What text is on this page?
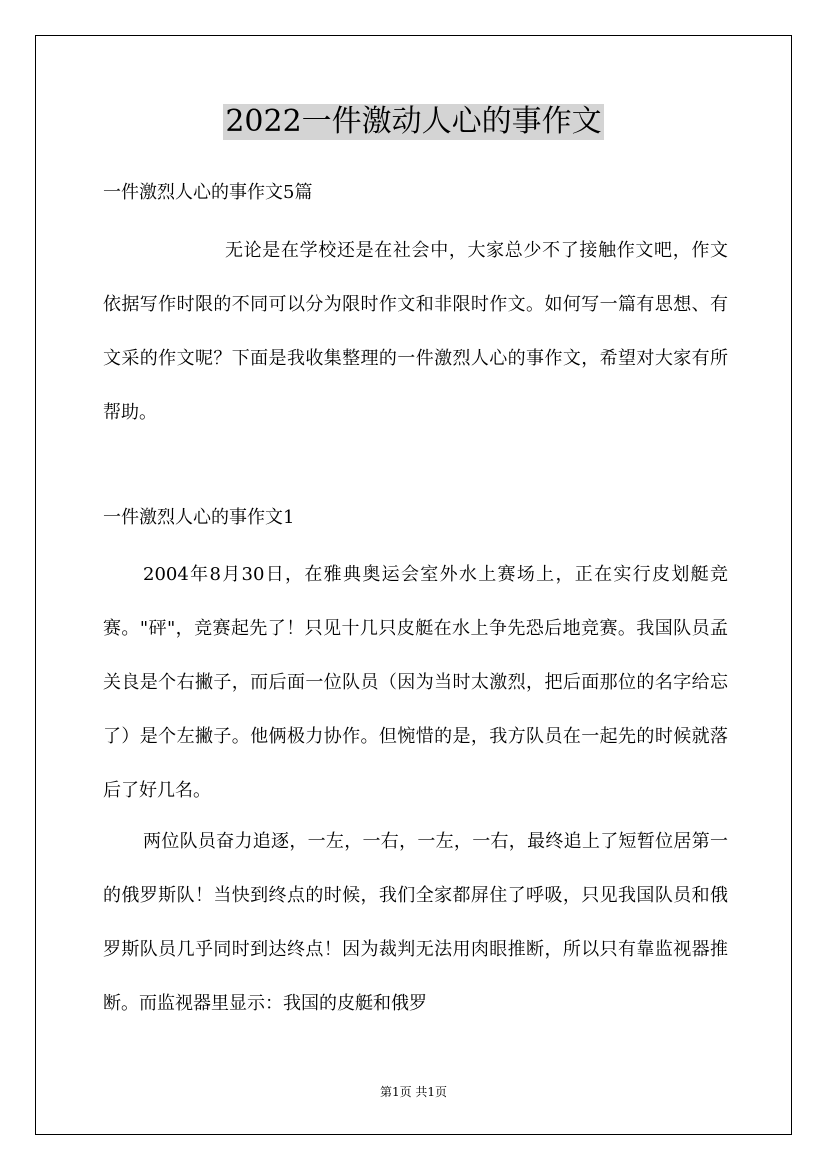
2022一件激动人心的事作文
一件激烈人心的事作文5篇

无论是在学校还是在社会中，大家总少不了接触作文吧，作文依据写作时限的不同可以分为限时作文和非限时作文。如何写一篇有思想、有文采的作文呢？下面是我收集整理的一件激烈人心的事作文，希望对大家有所帮助。

一件激烈人心的事作文1

2004年8月30日，在雅典奥运会室外水上赛场上，正在实行皮划艇竞赛。"砰"，竞赛起先了！只见十几只皮艇在水上争先恐后地竞赛。我国队员孟关良是个右撇子，而后面一位队员（因为当时太激烈，把后面那位的名字给忘了）是个左撇子。他俩极力协作。但惋惜的是，我方队员在一起先的时候就落后了好几名。

两位队员奋力追逐，一左，一右，一左，一右，最终追上了短暂位居第一的俄罗斯队！当快到终点的时候，我们全家都屏住了呼吸，只见我国队员和俄罗斯队员几乎同时到达终点！因为裁判无法用肉眼推断，所以只有靠监视器推断。而监视器里显示：我国的皮艇和俄罗

第1页 共1页
